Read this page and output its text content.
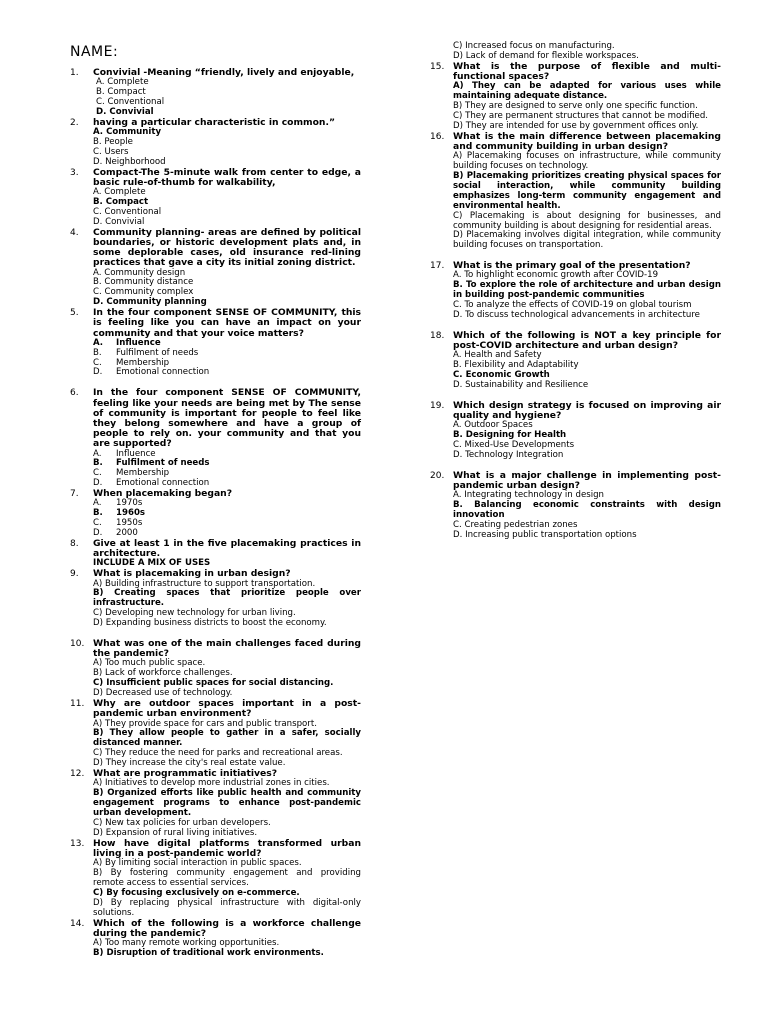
NAME:
1.	Convivial -Meaning “friendly, lively and enjoyable,
A. Complete
B. Compact
C. Conventional
D. Convivial
2.	having a particular characteristic in common.”
A. Community
B. People
C. Users
D. Neighborhood
3.	Compact-The 5-minute walk from center to edge, a basic rule-of-thumb for walkability,
A. Complete
B. Compact
C. Conventional
D. Convivial
4.	Community planning- areas are defined by political boundaries, or historic development plats and, in some deplorable cases, old insurance red-lining practices that gave a city its initial zoning district.
A. Community design
B. Community distance
C. Community complex
D. Community planning
5.	In the four component SENSE OF COMMUNITY, this is feeling like you can have an impact on your community and that your voice matters?
A. Influence
B. Fulfilment of needs
C. Membership
D. Emotional connection
6.	In the four component SENSE OF COMMUNITY, feeling like your needs are being met by The sense of community is important for people to feel like they belong somewhere and have a group of people to rely on. your community and that you are supported?
A. Influence
B. Fulfilment of needs
C. Membership
D. Emotional connection
7.	When placemaking began?
A. 1970s
B. 1960s
C. 1950s
D. 2000
8.	Give at least 1 in the five placemaking practices in architecture.
INCLUDE A MIX OF USES
9.	What is placemaking in urban design?
A) Building infrastructure to support transportation.
B) Creating spaces that prioritize people over infrastructure.
C) Developing new technology for urban living.
D) Expanding business districts to boost the economy.
10. What was one of the main challenges faced during the pandemic?
A) Too much public space.
B) Lack of workforce challenges.
C) Insufficient public spaces for social distancing.
D) Decreased use of technology.
11. Why are outdoor spaces important in a post-pandemic urban environment?
A) They provide space for cars and public transport.
B) They allow people to gather in a safer, socially distanced manner.
C) They reduce the need for parks and recreational areas.
D) They increase the city's real estate value.
12. What are programmatic initiatives?
A) Initiatives to develop more industrial zones in cities.
B) Organized efforts like public health and community engagement programs to enhance post-pandemic urban development.
C) New tax policies for urban developers.
D) Expansion of rural living initiatives.
13. How have digital platforms transformed urban living in a post-pandemic world?
A) By limiting social interaction in public spaces.
B) By fostering community engagement and providing remote access to essential services.
C) By focusing exclusively on e-commerce.
D) By replacing physical infrastructure with digital-only solutions.
14. Which of the following is a workforce challenge during the pandemic?
A) Too many remote working opportunities.
B) Disruption of traditional work environments.
C) Increased focus on manufacturing.
D) Lack of demand for flexible workspaces.
15. What is the purpose of flexible and multi-functional spaces?
A) They can be adapted for various uses while maintaining adequate distance.
B) They are designed to serve only one specific function.
C) They are permanent structures that cannot be modified.
D) They are intended for use by government offices only.
16. What is the main difference between placemaking and community building in urban design?
A) Placemaking focuses on infrastructure, while community building focuses on technology.
B) Placemaking prioritizes creating physical spaces for social interaction, while community building emphasizes long-term community engagement and environmental health.
C) Placemaking is about designing for businesses, and community building is about designing for residential areas.
D) Placemaking involves digital integration, while community building focuses on transportation.
17. What is the primary goal of the presentation?
A. To highlight economic growth after COVID-19
B. To explore the role of architecture and urban design in building post-pandemic communities
C. To analyze the effects of COVID-19 on global tourism
D. To discuss technological advancements in architecture
18. Which of the following is NOT a key principle for post-COVID architecture and urban design?
A. Health and Safety
B. Flexibility and Adaptability
C. Economic Growth
D. Sustainability and Resilience
19. Which design strategy is focused on improving air quality and hygiene?
A. Outdoor Spaces
B. Designing for Health
C. Mixed-Use Developments
D. Technology Integration
20. What is a major challenge in implementing post-pandemic urban design?
A. Integrating technology in design
B. Balancing economic constraints with design innovation
C. Creating pedestrian zones
D. Increasing public transportation options
